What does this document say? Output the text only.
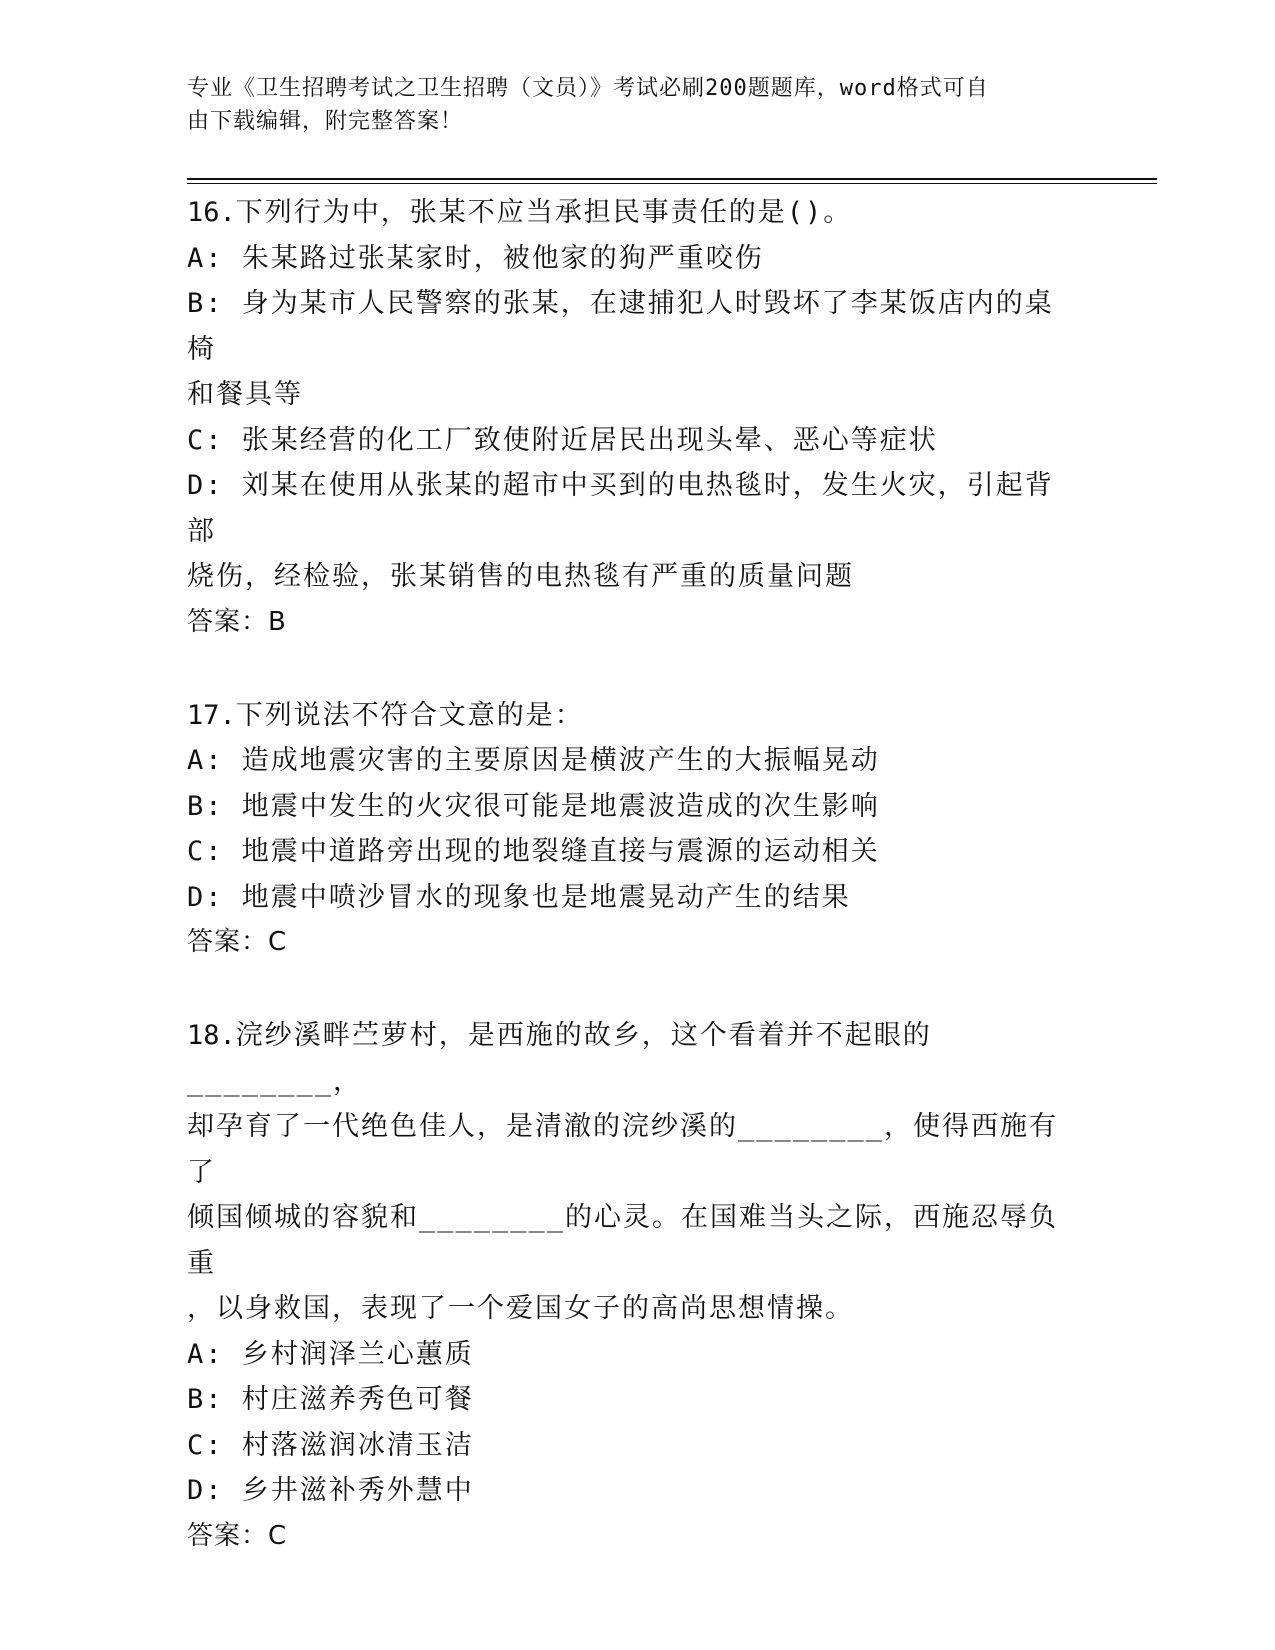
专业《卫生招聘考试之卫生招聘（文员）》考试必刷200题题库，word格式可自
由下载编辑，附完整答案！
16.下列行为中，张某不应当承担民事责任的是()。
A: 朱某路过张某家时，被他家的狗严重咬伤
B: 身为某市人民警察的张某，在逮捕犯人时毁坏了李某饭店内的桌椅
和餐具等
C: 张某经营的化工厂致使附近居民出现头晕、恶心等症状
D: 刘某在使用从张某的超市中买到的电热毯时，发生火灾，引起背部
烧伤，经检验，张某销售的电热毯有严重的质量问题
答案：B
17.下列说法不符合文意的是：
A: 造成地震灾害的主要原因是横波产生的大振幅晃动
B: 地震中发生的火灾很可能是地震波造成的次生影响
C: 地震中道路旁出现的地裂缝直接与震源的运动相关
D: 地震中喷沙冒水的现象也是地震晃动产生的结果
答案：C
18.浣纱溪畔苎萝村，是西施的故乡，这个看着并不起眼的________，
却孕育了一代绝色佳人，是清澈的浣纱溪的________，使得西施有了
倾国倾城的容貌和________的心灵。在国难当头之际，西施忍辱负重
，以身救国，表现了一个爱国女子的高尚思想情操。
A: 乡村润泽兰心蕙质
B: 村庄滋养秀色可餐
C: 村落滋润冰清玉洁
D: 乡井滋补秀外慧中
答案：C
